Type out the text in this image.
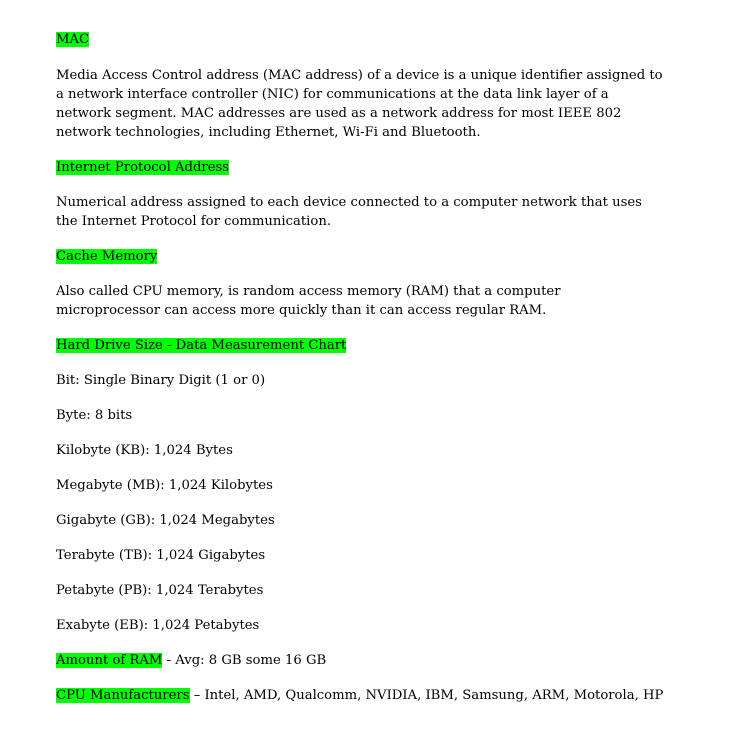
MAC

Media Access Control address (MAC address) of a device is a unique identifier assigned to

a network interface controller (NIC) for communications at the data link layer of a

network segment. MAC addresses are used as a network address for most IEEE 802

network technologies, including Ethernet, Wi-Fi and Bluetooth.

Internet Protocol Address

Numerical address assigned to each device connected to a computer network that uses

the Internet Protocol for communication.

Cache Memory

Also called CPU memory, is random access memory (RAM) that a computer

microprocessor can access more quickly than it can access regular RAM.

Hard Drive Size - Data Measurement Chart

Bit: Single Binary Digit (1 or 0)

Byte: 8 bits

Kilobyte (KB): 1,024 Bytes

Megabyte (MB): 1,024 Kilobytes

Gigabyte (GB): 1,024 Megabytes

Terabyte (TB): 1,024 Gigabytes

Petabyte (PB): 1,024 Terabytes

Exabyte (EB): 1,024 Petabytes

Amount of RAM - Avg: 8 GB some 16 GB

CPU Manufacturers – Intel, AMD, Qualcomm, NVIDIA, IBM, Samsung, ARM, Motorola, HP
